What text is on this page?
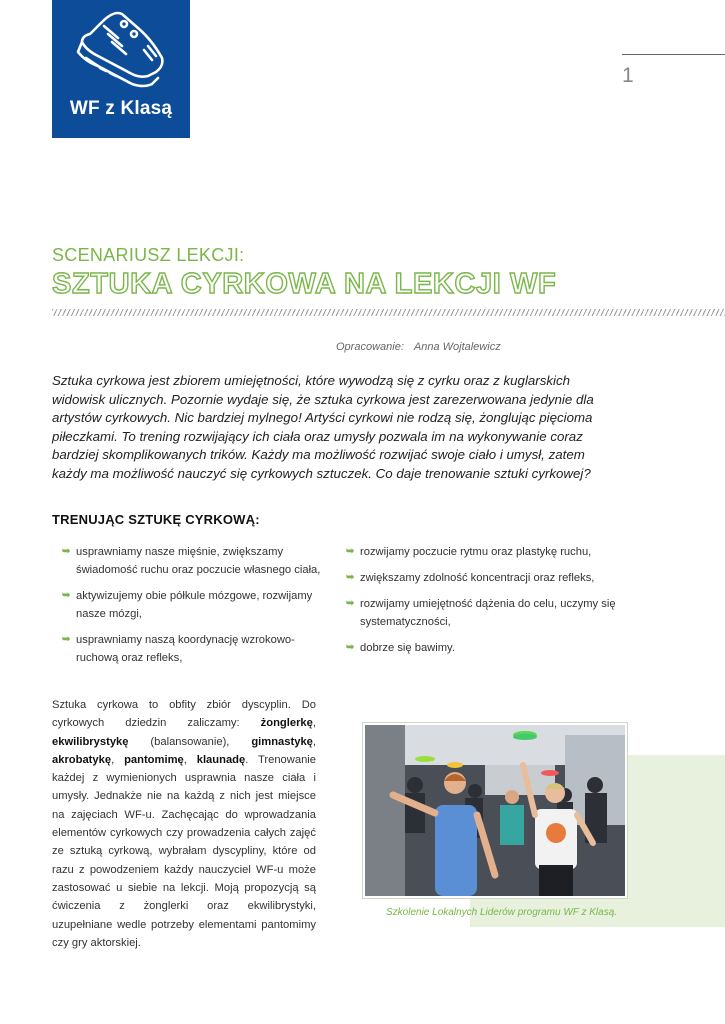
WF z Klasą
1
SCENARIUSZ LEKCJI:
SZTUKA CYRKOWA NA LEKCJI WF
Opracowanie: Anna Wojtalewicz

Sztuka cyrkowa jest zbiorem umiejętności, które wywodzą się z cyrku oraz z kuglarskich widowisk ulicznych. Pozornie wydaje się, że sztuka cyrkowa jest zarezerwowana jedynie dla artystów cyrkowych. Nic bardziej mylnego! Artyści cyrkowi nie rodzą się, żonglując pięcioma piłeczkami. To trening rozwijający ich ciała oraz umysły pozwala im na wykonywanie coraz bardziej skomplikowanych trików. Każdy ma możliwość rozwijać swoje ciało i umysł, zatem każdy ma możliwość nauczyć się cyrkowych sztuczek. Co daje trenowanie sztuki cyrkowej?

TRENUJĄC SZTUKĘ CYRKOWĄ:
➥ usprawniamy nasze mięśnie, zwiększamy świadomość ruchu oraz poczucie własnego ciała,
➥ aktywizujemy obie półkule mózgowe, rozwijamy nasze mózgi,
➥ usprawniamy naszą koordynację wzrokowo-ruchową oraz refleks,
➥ rozwijamy poczucie rytmu oraz plastykę ruchu,
➥ zwiększamy zdolność koncentracji oraz refleks,
➥ rozwijamy umiejętność dążenia do celu, uczymy się systematyczności,
➥ dobrze się bawimy.

Sztuka cyrkowa to obfity zbiór dyscyplin. Do cyrkowych dziedzin zaliczamy: żonglerkę, ekwilibrystykę (balansowanie), gimnastykę, akrobatykę, pantomimę, klaunadę. Trenowanie każdej z wymienionych usprawnia nasze ciała i umysły. Jednakże nie na każdą z nich jest miejsce na zajęciach WF-u. Zachęcając do wprowadzania elementów cyrkowych czy prowadzenia całych zajęć ze sztuką cyrkową, wybrałam dyscypliny, które od razu z powodzeniem każdy nauczyciel WF-u może zastosować u siebie na lekcji. Moją propozycją są ćwiczenia z żonglerki oraz ekwilibrystyki, uzupełniane wedle potrzeby elementami pantomimy czy gry aktorskiej.

Szkolenie Lokalnych Liderów programu WF z Klasą.
